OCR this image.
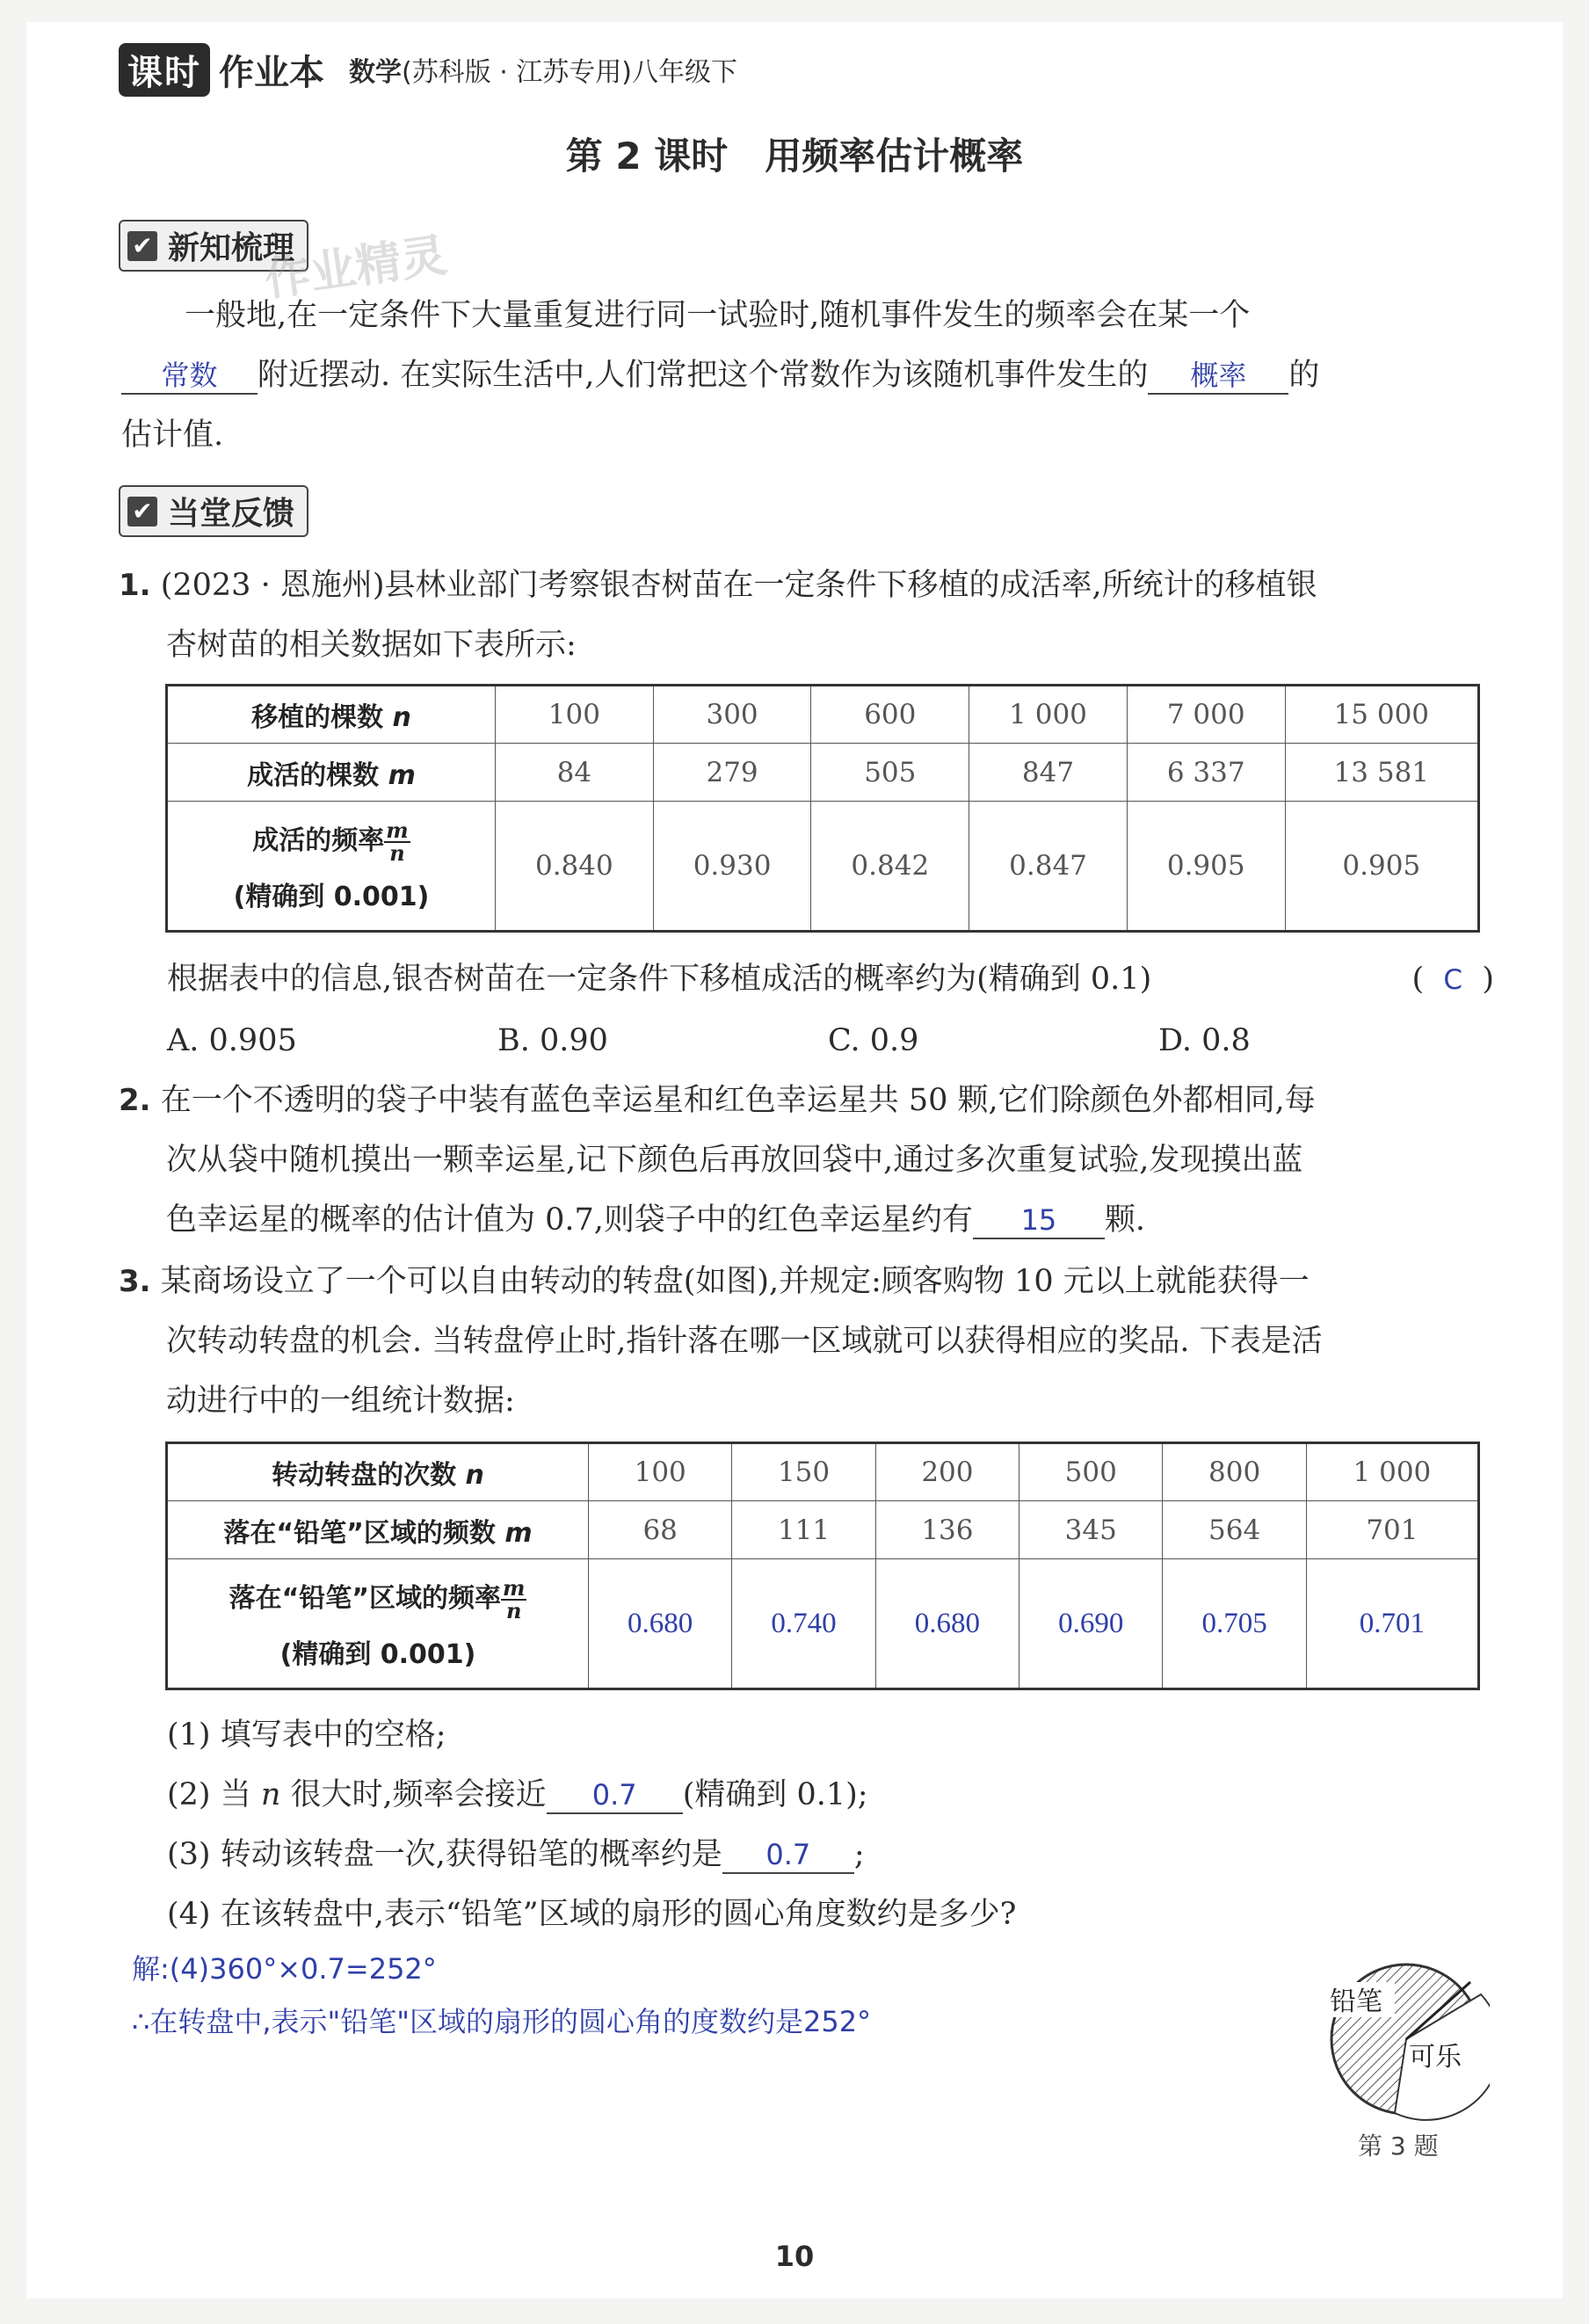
课时 作业本 数学(苏科版 · 江苏专用)八年级下
第 2 课时　用频率估计概率
✔ 新知梳理
作业精灵
一般地,在一定条件下大量重复进行同一试验时,随机事件发生的频率会在某一个
常数 附近摆动. 在实际生活中,人们常把这个常数作为该随机事件发生的 概率 的
估计值.
✔ 当堂反馈
1. (2023 · 恩施州)县林业部门考察银杏树苗在一定条件下移植的成活率,所统计的移植银
杏树苗的相关数据如下表所示:
移植的棵数 n	100	300	600	1 000	7 000	15 000
成活的棵数 m	84	279	505	847	6 337	13 581

成活的频率 $\frac{m}{n}$
(精确到 0.001)	0.840	0.930	0.842	0.847	0.905	0.905
根据表中的信息,银杏树苗在一定条件下移植成活的概率约为(精确到 0.1)	( C )
A. 0.905	B. 0.90	C. 0.9	D. 0.8
2. 在一个不透明的袋子中装有蓝色幸运星和红色幸运星共 50 颗,它们除颜色外都相同,每
次从袋中随机摸出一颗幸运星,记下颜色后再放回袋中,通过多次重复试验,发现摸出蓝
色幸运星的概率的估计值为 0.7,则袋子中的红色幸运星约有 15 颗.
3. 某商场设立了一个可以自由转动的转盘(如图),并规定:顾客购物 10 元以上就能获得一
次转动转盘的机会. 当转盘停止时,指针落在哪一区域就可以获得相应的奖品. 下表是活
动进行中的一组统计数据:
转动转盘的次数 n	100	150	200	500	800	1 000
落在“铅笔”区域的频数 m	68	111	136	345	564	701

落在“铅笔”区域的频率 $\frac{m}{n}$
(精确到 0.001)	0.680	0.740	0.680	0.690	0.705	0.701
(1) 填写表中的空格;
(2) 当 n 很大时,频率会接近 0.7 (精确到 0.1);
(3) 转动该转盘一次,获得铅笔的概率约是 0.7 ;
(4) 在该转盘中,表示“铅笔”区域的扇形的圆心角度数约是多少?
解:(4)360°×0.7=252°
∴在转盘中,表示"铅笔"区域的扇形的圆心角的度数约是252°
铅笔
可乐
第 3 题
10
